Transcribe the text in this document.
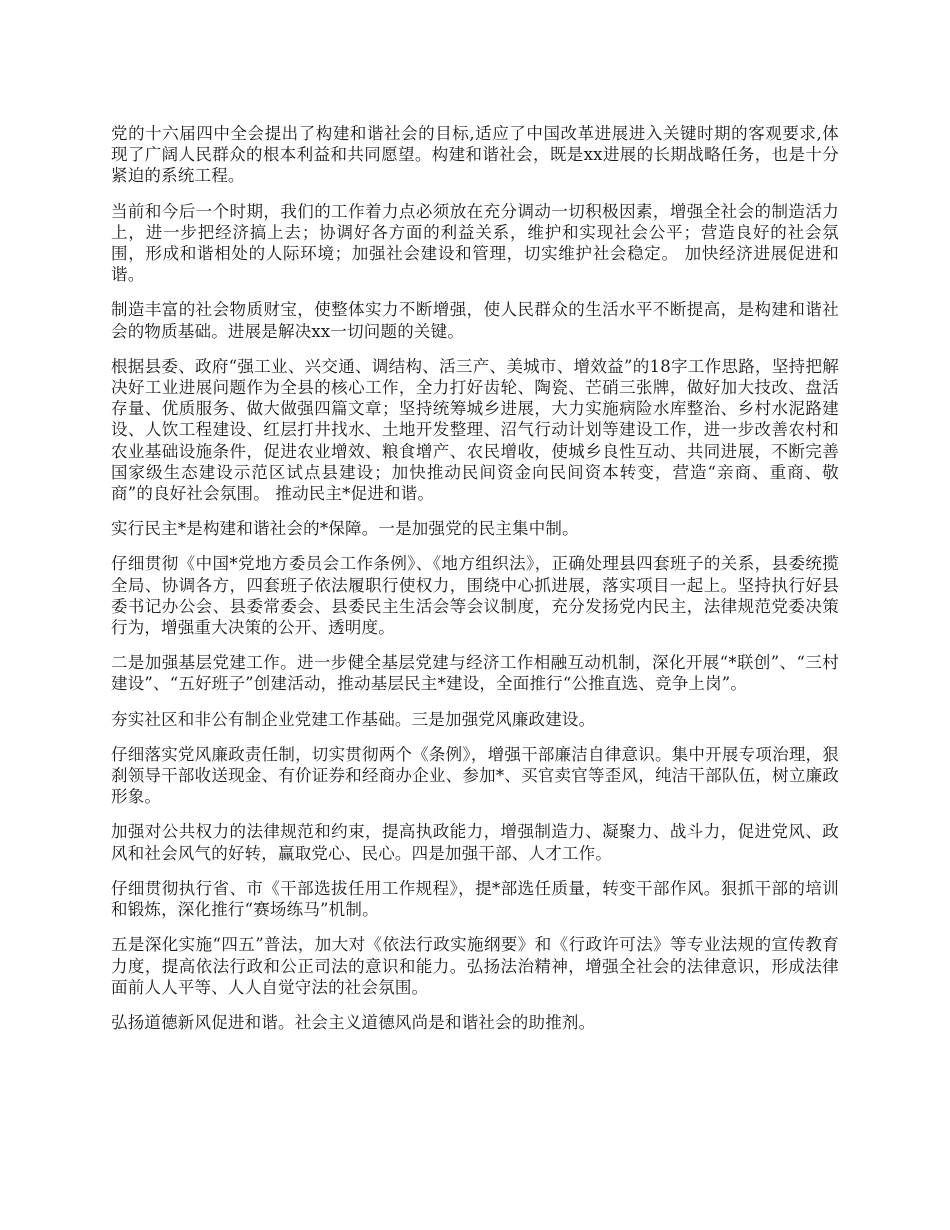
党的十六届四中全会提出了构建和谐社会的目标,适应了中国改革进展进入关键时期的客观要求,体现了广阔人民群众的根本利益和共同愿望。构建和谐社会，既是xx进展的长期战略任务，也是十分紧迫的系统工程。

当前和今后一个时期，我们的工作着力点必须放在充分调动一切积极因素，增强全社会的制造活力上，进一步把经济搞上去；协调好各方面的利益关系，维护和实现社会公平；营造良好的社会氛围，形成和谐相处的人际环境；加强社会建设和管理，切实维护社会稳定。 加快经济进展促进和谐。

制造丰富的社会物质财宝，使整体实力不断增强，使人民群众的生活水平不断提高，是构建和谐社会的物质基础。进展是解决xx一切问题的关键。

根据县委、政府“强工业、兴交通、调结构、活三产、美城市、增效益”的18字工作思路，坚持把解决好工业进展问题作为全县的核心工作，全力打好齿轮、陶瓷、芒硝三张牌，做好加大技改、盘活存量、优质服务、做大做强四篇文章；坚持统筹城乡进展，大力实施病险水库整治、乡村水泥路建设、人饮工程建设、红层打井找水、土地开发整理、沼气行动计划等建设工作，进一步改善农村和农业基础设施条件，促进农业增效、粮食增产、农民增收，使城乡良性互动、共同进展，不断完善国家级生态建设示范区试点县建设；加快推动民间资金向民间资本转变，营造“亲商、重商、敬商”的良好社会氛围。 推动民主*促进和谐。

实行民主*是构建和谐社会的*保障。一是加强党的民主集中制。

仔细贯彻《中国*党地方委员会工作条例》、《地方组织法》，正确处理县四套班子的关系，县委统揽全局、协调各方，四套班子依法履职行使权力，围绕中心抓进展，落实项目一起上。坚持执行好县委书记办公会、县委常委会、县委民主生活会等会议制度，充分发扬党内民主，法律规范党委决策行为，增强重大决策的公开、透明度。

二是加强基层党建工作。进一步健全基层党建与经济工作相融互动机制，深化开展“*联创”、“三村建设”、“五好班子”创建活动，推动基层民主*建设，全面推行“公推直选、竞争上岗”。

夯实社区和非公有制企业党建工作基础。三是加强党风廉政建设。

仔细落实党风廉政责任制，切实贯彻两个《条例》，增强干部廉洁自律意识。集中开展专项治理，狠刹领导干部收送现金、有价证券和经商办企业、参加*、买官卖官等歪风，纯洁干部队伍，树立廉政形象。

加强对公共权力的法律规范和约束，提高执政能力，增强制造力、凝聚力、战斗力，促进党风、政风和社会风气的好转，赢取党心、民心。四是加强干部、人才工作。

仔细贯彻执行省、市《干部选拔任用工作规程》，提*部选任质量，转变干部作风。狠抓干部的培训和锻炼，深化推行“赛场练马”机制。

五是深化实施“四五”普法，加大对《依法行政实施纲要》和《行政许可法》等专业法规的宣传教育力度，提高依法行政和公正司法的意识和能力。弘扬法治精神，增强全社会的法律意识，形成法律面前人人平等、人人自觉守法的社会氛围。

弘扬道德新风促进和谐。社会主义道德风尚是和谐社会的助推剂。
